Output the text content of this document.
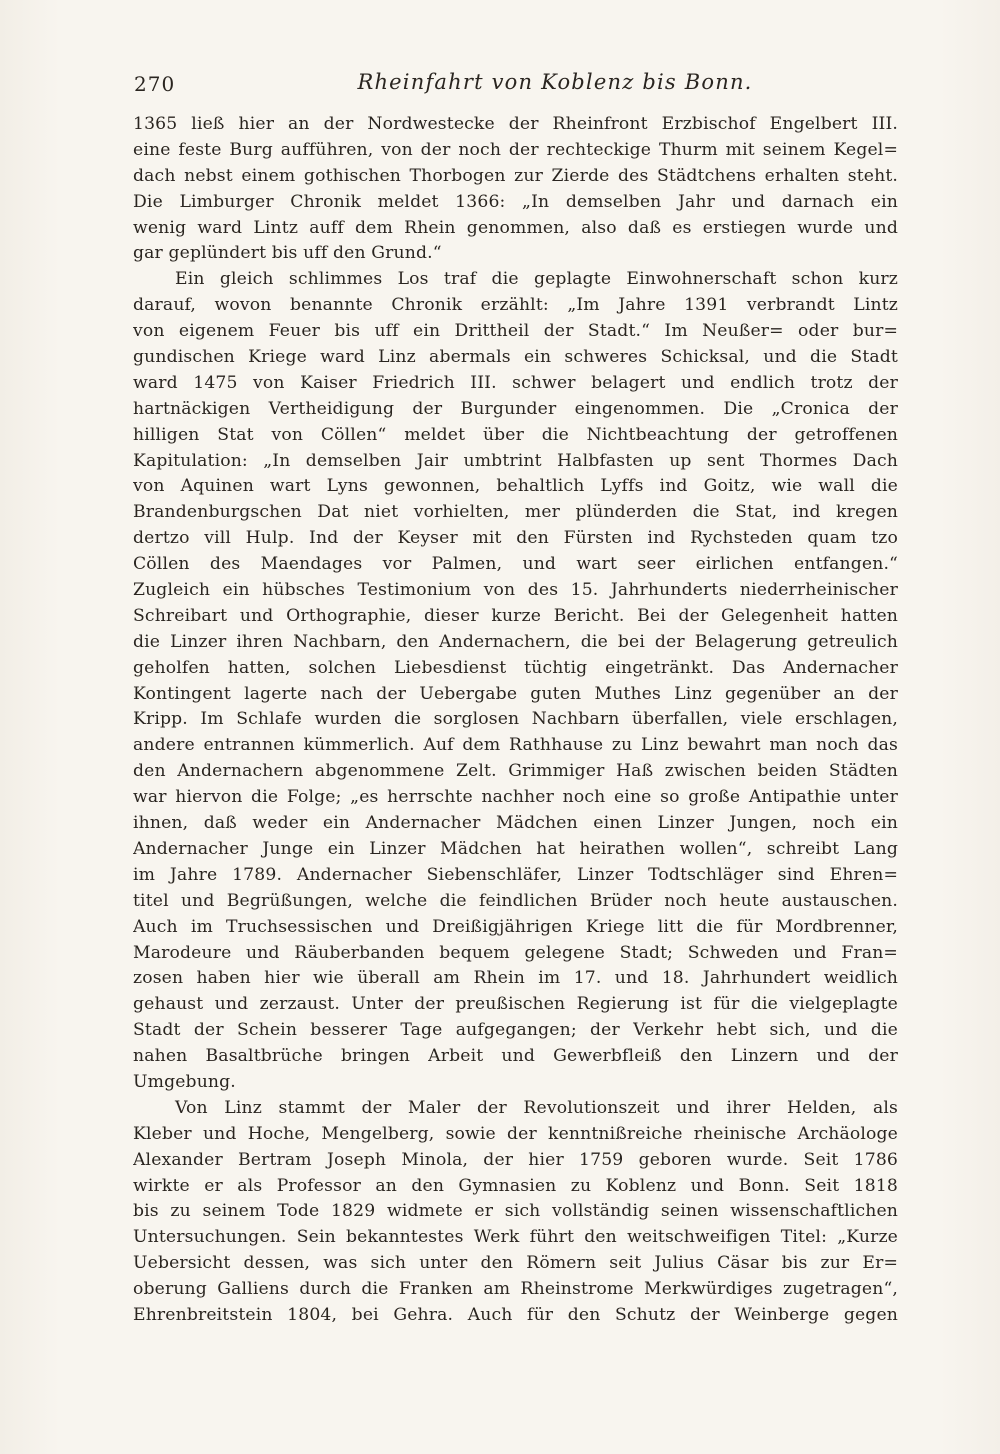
270	Rheinfahrt von Koblenz bis Bonn.
1365 ließ hier an der Nordwestecke der Rheinfront Erzbischof Engelbert III.
eine feste Burg aufführen, von der noch der rechteckige Thurm mit seinem Kegel=
dach nebst einem gothischen Thorbogen zur Zierde des Städtchens erhalten steht.
Die Limburger Chronik meldet 1366: „In demselben Jahr und darnach ein
wenig ward Lintz auff dem Rhein genommen, also daß es erstiegen wurde und
gar geplündert bis uff den Grund.“
Ein gleich schlimmes Los traf die geplagte Einwohnerschaft schon kurz
darauf, wovon benannte Chronik erzählt: „Im Jahre 1391 verbrandt Lintz
von eigenem Feuer bis uff ein Drittheil der Stadt.“ Im Neußer= oder bur=
gundischen Kriege ward Linz abermals ein schweres Schicksal, und die Stadt
ward 1475 von Kaiser Friedrich III. schwer belagert und endlich trotz der
hartnäckigen Vertheidigung der Burgunder eingenommen. Die „Cronica der
hilligen Stat von Cöllen“ meldet über die Nichtbeachtung der getroffenen
Kapitulation: „In demselben Jair umbtrint Halbfasten up sent Thormes Dach
von Aquinen wart Lyns gewonnen, behaltlich Lyffs ind Goitz, wie wall die
Brandenburgschen Dat niet vorhielten, mer plünderden die Stat, ind kregen
dertzo vill Hulp. Ind der Keyser mit den Fürsten ind Rychsteden quam tzo
Cöllen des Maendages vor Palmen, und wart seer eirlichen entfangen.“
Zugleich ein hübsches Testimonium von des 15. Jahrhunderts niederrheinischer
Schreibart und Orthographie, dieser kurze Bericht. Bei der Gelegenheit hatten
die Linzer ihren Nachbarn, den Andernachern, die bei der Belagerung getreulich
geholfen hatten, solchen Liebesdienst tüchtig eingetränkt. Das Andernacher
Kontingent lagerte nach der Uebergabe guten Muthes Linz gegenüber an der
Kripp. Im Schlafe wurden die sorglosen Nachbarn überfallen, viele erschlagen,
andere entrannen kümmerlich. Auf dem Rathhause zu Linz bewahrt man noch das
den Andernachern abgenommene Zelt. Grimmiger Haß zwischen beiden Städten
war hiervon die Folge; „es herrschte nachher noch eine so große Antipathie unter
ihnen, daß weder ein Andernacher Mädchen einen Linzer Jungen, noch ein
Andernacher Junge ein Linzer Mädchen hat heirathen wollen“, schreibt Lang
im Jahre 1789. Andernacher Siebenschläfer, Linzer Todtschläger sind Ehren=
titel und Begrüßungen, welche die feindlichen Brüder noch heute austauschen.
Auch im Truchsessischen und Dreißigjährigen Kriege litt die für Mordbrenner,
Marodeure und Räuberbanden bequem gelegene Stadt; Schweden und Fran=
zosen haben hier wie überall am Rhein im 17. und 18. Jahrhundert weidlich
gehaust und zerzaust. Unter der preußischen Regierung ist für die vielgeplagte
Stadt der Schein besserer Tage aufgegangen; der Verkehr hebt sich, und die
nahen Basaltbrüche bringen Arbeit und Gewerbfleiß den Linzern und der
Umgebung.
Von Linz stammt der Maler der Revolutionszeit und ihrer Helden, als
Kleber und Hoche, Mengelberg, sowie der kenntnißreiche rheinische Archäologe
Alexander Bertram Joseph Minola, der hier 1759 geboren wurde. Seit 1786
wirkte er als Professor an den Gymnasien zu Koblenz und Bonn. Seit 1818
bis zu seinem Tode 1829 widmete er sich vollständig seinen wissenschaftlichen
Untersuchungen. Sein bekanntestes Werk führt den weitschweifigen Titel: „Kurze
Uebersicht dessen, was sich unter den Römern seit Julius Cäsar bis zur Er=
oberung Galliens durch die Franken am Rheinstrome Merkwürdiges zugetragen“,
Ehrenbreitstein 1804, bei Gehra. Auch für den Schutz der Weinberge gegen
